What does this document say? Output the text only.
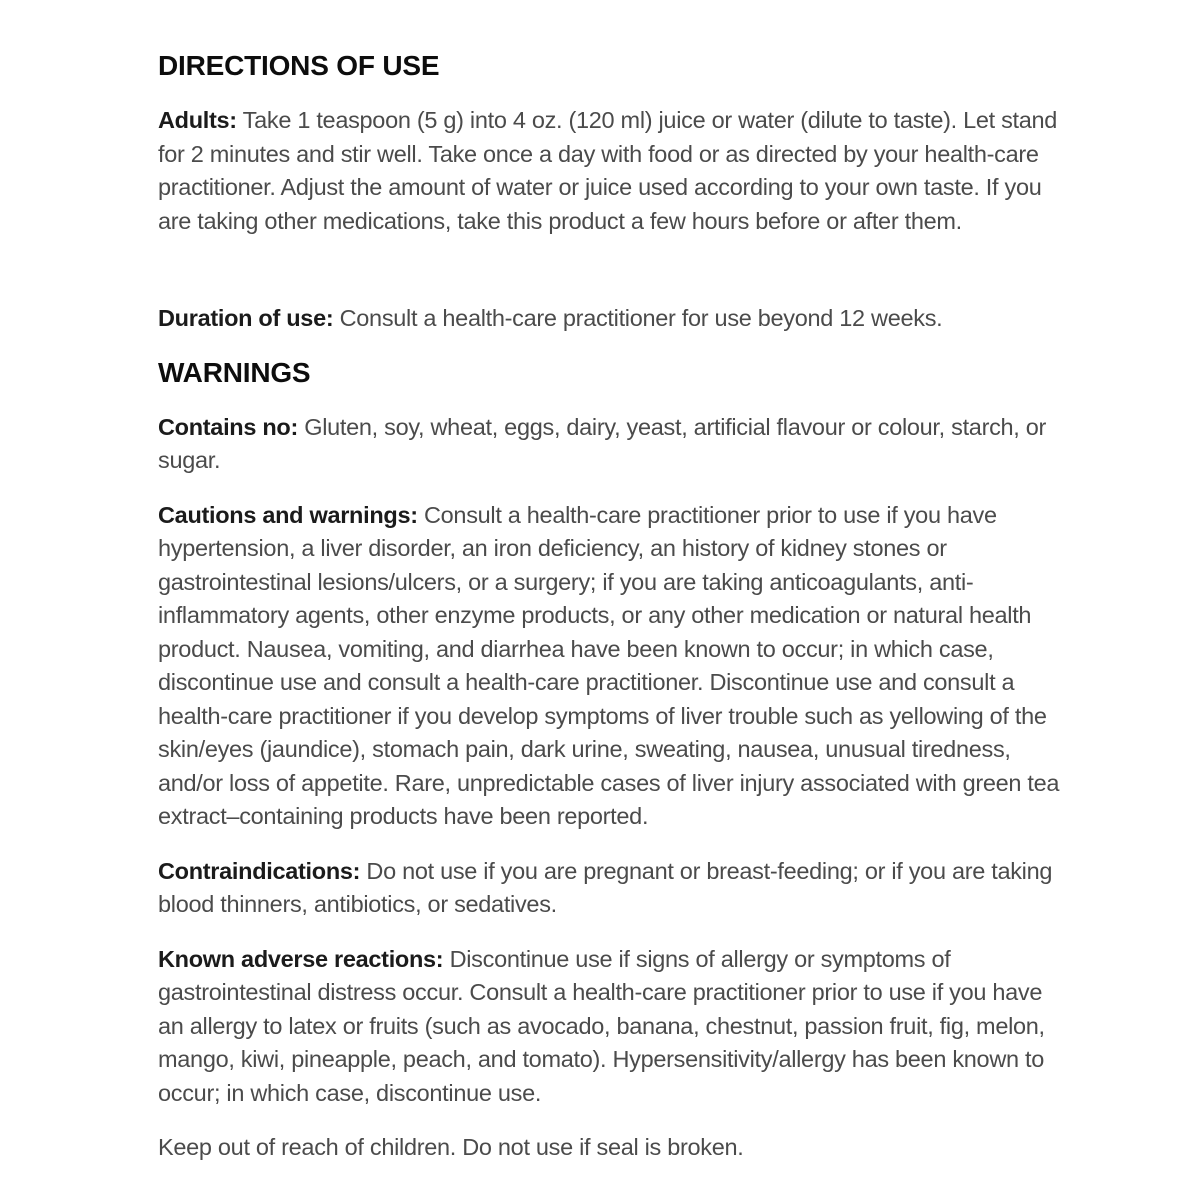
DIRECTIONS OF USE

Adults: Take 1 teaspoon (5 g) into 4 oz. (120 ml) juice or water (dilute to taste). Let stand for 2 minutes and stir well. Take once a day with food or as directed by your health-care practitioner. Adjust the amount of water or juice used according to your own taste. If you are taking other medications, take this product a few hours before or after them.

Duration of use: Consult a health-care practitioner for use beyond 12 weeks.

WARNINGS

Contains no: Gluten, soy, wheat, eggs, dairy, yeast, artificial flavour or colour, starch, or sugar.

Cautions and warnings: Consult a health-care practitioner prior to use if you have hypertension, a liver disorder, an iron deficiency, an history of kidney stones or gastrointestinal lesions/ulcers, or a surgery; if you are taking anticoagulants, anti-inflammatory agents, other enzyme products, or any other medication or natural health product. Nausea, vomiting, and diarrhea have been known to occur; in which case, discontinue use and consult a health-care practitioner. Discontinue use and consult a health-care practitioner if you develop symptoms of liver trouble such as yellowing of the skin/eyes (jaundice), stomach pain, dark urine, sweating, nausea, unusual tiredness, and/or loss of appetite. Rare, unpredictable cases of liver injury associated with green tea extract–containing products have been reported.

Contraindications: Do not use if you are pregnant or breast-feeding; or if you are taking blood thinners, antibiotics, or sedatives.

Known adverse reactions: Discontinue use if signs of allergy or symptoms of gastrointestinal distress occur. Consult a health-care practitioner prior to use if you have an allergy to latex or fruits (such as avocado, banana, chestnut, passion fruit, fig, melon, mango, kiwi, pineapple, peach, and tomato). Hypersensitivity/allergy has been known to occur; in which case, discontinue use.

Keep out of reach of children. Do not use if seal is broken.
